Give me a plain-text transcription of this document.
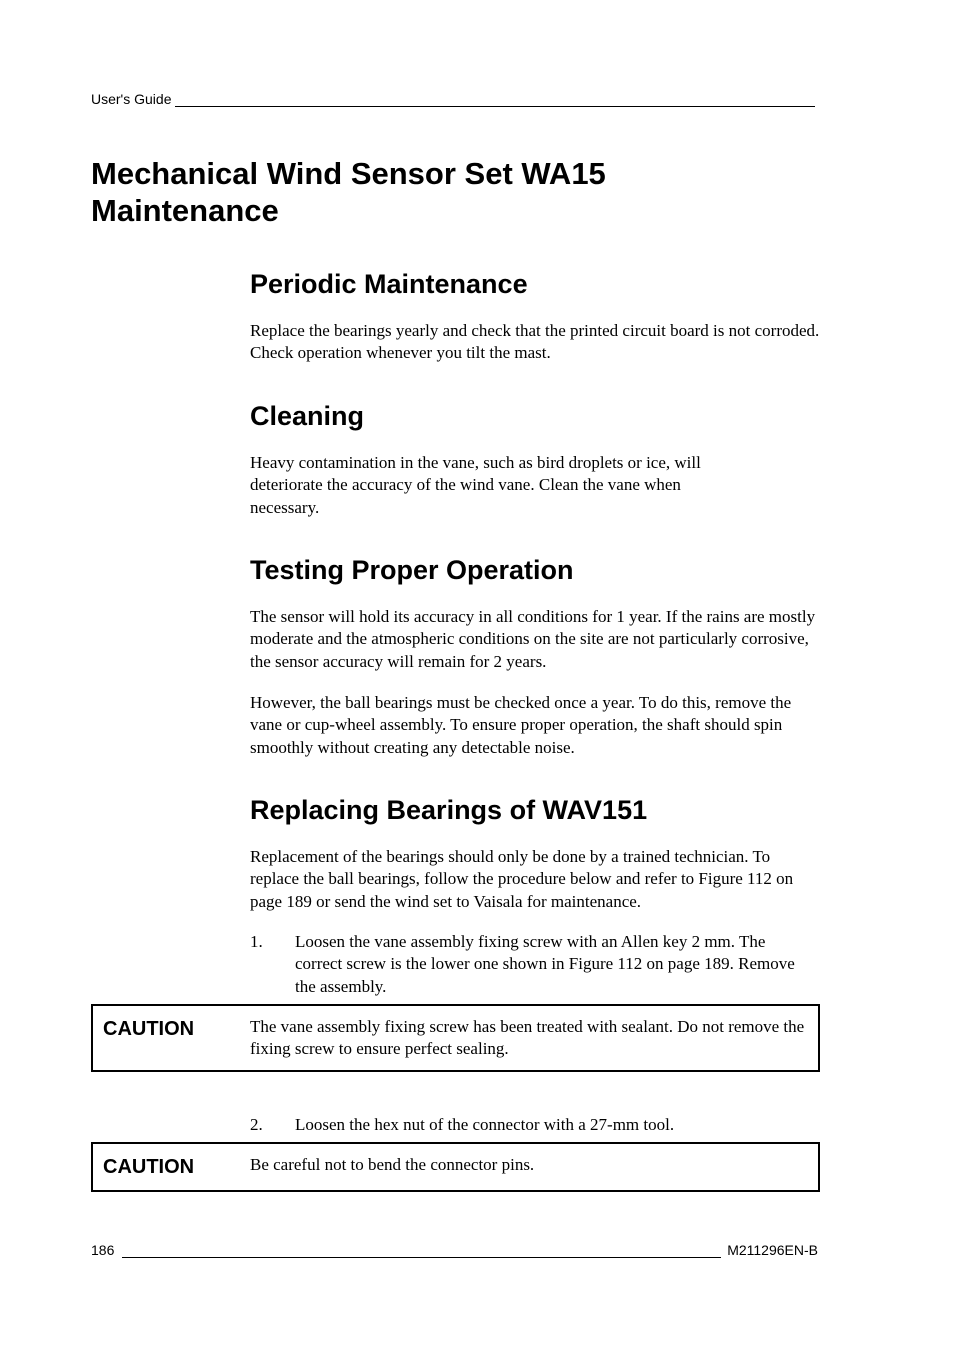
User's Guide
Mechanical Wind Sensor Set WA15
Maintenance
Periodic Maintenance

Replace the bearings yearly and check that the printed circuit board is not corroded. Check operation whenever you tilt the mast.

Cleaning

Heavy contamination in the vane, such as bird droplets or ice, will
deteriorate the accuracy of the wind vane. Clean the vane when
necessary.

Testing Proper Operation

The sensor will hold its accuracy in all conditions for 1 year. If the rains are mostly moderate and the atmospheric conditions on the site are not particularly corrosive, the sensor accuracy will remain for 2 years.

However, the ball bearings must be checked once a year. To do this, remove the vane or cup-wheel assembly. To ensure proper operation, the shaft should spin smoothly without creating any detectable noise.

Replacing Bearings of WAV151

Replacement of the bearings should only be done by a trained technician. To replace the ball bearings, follow the procedure below and refer to Figure 112 on page 189 or send the wind set to Vaisala for maintenance.

1.	Loosen the vane assembly fixing screw with an Allen key 2 mm. The correct screw is the lower one shown in Figure 112 on page 189. Remove the assembly.
CAUTION	The vane assembly fixing screw has been treated with sealant. Do not remove the fixing screw to ensure perfect sealing.
2.	Loosen the hex nut of the connector with a 27-mm tool.
CAUTION	Be careful not to bend the connector pins.
186	M211296EN-B
